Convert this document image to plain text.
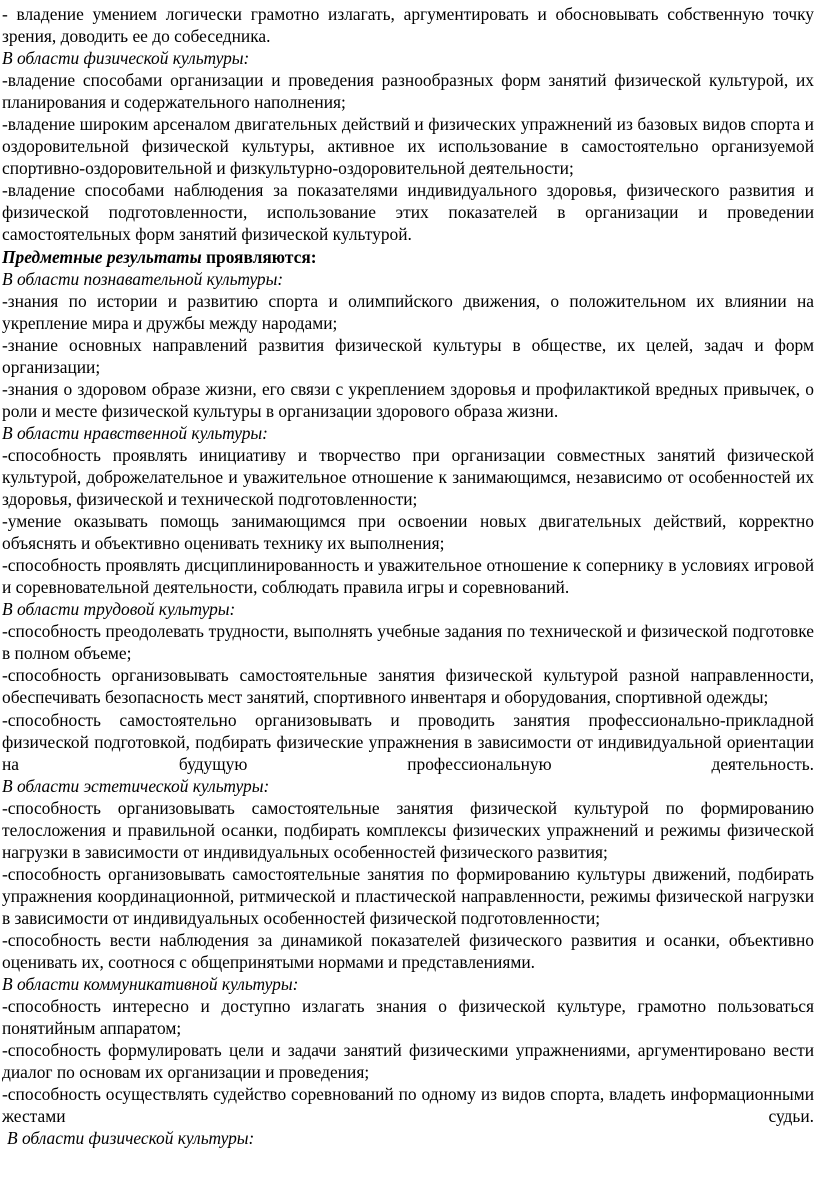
- владение умением логически грамотно излагать, аргументировать и обосновывать собственную точку зрения, доводить ее до собеседника.

В области физической культуры:

-владение способами организации и проведения разнообразных форм занятий физической культурой, их планирования и содержательного наполнения;

-владение широким арсеналом двигательных действий и физических упражнений из базовых видов спорта и оздоровительной физической культуры, активное их использование в самостоятельно организуемой спортивно-оздоровительной и физкультурно-оздоровительной деятельности;

-владение способами наблюдения за показателями индивидуального здоровья, физического развития и физической подготовленности, использование этих показателей в организации и проведении самостоятельных форм занятий физической культурой.

Предметные результаты проявляются:

В области познавательной культуры:

-знания по истории и развитию спорта и олимпийского движения, о положительном их влиянии на укрепление мира и дружбы между народами;

-знание основных направлений развития физической культуры в обществе, их целей, задач и форм организации;

-знания о здоровом образе жизни, его связи с укреплением здоровья и профилактикой вредных привычек, о роли и месте физической культуры в организации здорового образа жизни.

В области нравственной культуры:

-способность проявлять инициативу и творчество при организации совместных занятий физической культурой, доброжелательное и уважительное отношение к занимающимся, независимо от особенностей их здоровья, физической и технической подготовленности;

-умение оказывать помощь занимающимся при освоении новых двигательных действий, корректно объяснять и объективно оценивать технику их выполнения;

-способность проявлять дисциплинированность и уважительное отношение к сопернику в условиях игровой и соревновательной деятельности, соблюдать правила игры и соревнований.

В области трудовой культуры:

-способность преодолевать трудности, выполнять учебные задания по технической и физической подготовке в полном объеме;

-способность организовывать самостоятельные занятия физической культурой разной направленности, обеспечивать безопасность мест занятий, спортивного инвентаря и оборудования, спортивной одежды;

-способность самостоятельно организовывать и проводить занятия профессионально-прикладной физической подготовкой, подбирать физические упражнения в зависимости от индивидуальной ориентации на будущую профессиональную деятельность.

В области эстетической культуры:

-способность организовывать самостоятельные занятия физической культурой по формированию телосложения и правильной осанки, подбирать комплексы физических упражнений и режимы физической нагрузки в зависимости от индивидуальных особенностей физического развития;

-способность организовывать самостоятельные занятия по формированию культуры движений, подбирать упражнения координационной, ритмической и пластической направленности, режимы физической нагрузки в зависимости от индивидуальных особенностей физической подготовленности;

-способность вести наблюдения за динамикой показателей физического развития и осанки, объективно оценивать их, соотнося с общепринятыми нормами и представлениями.

В области коммуникативной культуры:

-способность интересно и доступно излагать знания о физической культуре, грамотно пользоваться понятийным аппаратом;

-способность формулировать цели и задачи занятий физическими упражнениями, аргументировано вести диалог по основам их организации и проведения;

-способность осуществлять судейство соревнований по одному из видов спорта, владеть информационными жестами судьи.

В области физической культуры:
